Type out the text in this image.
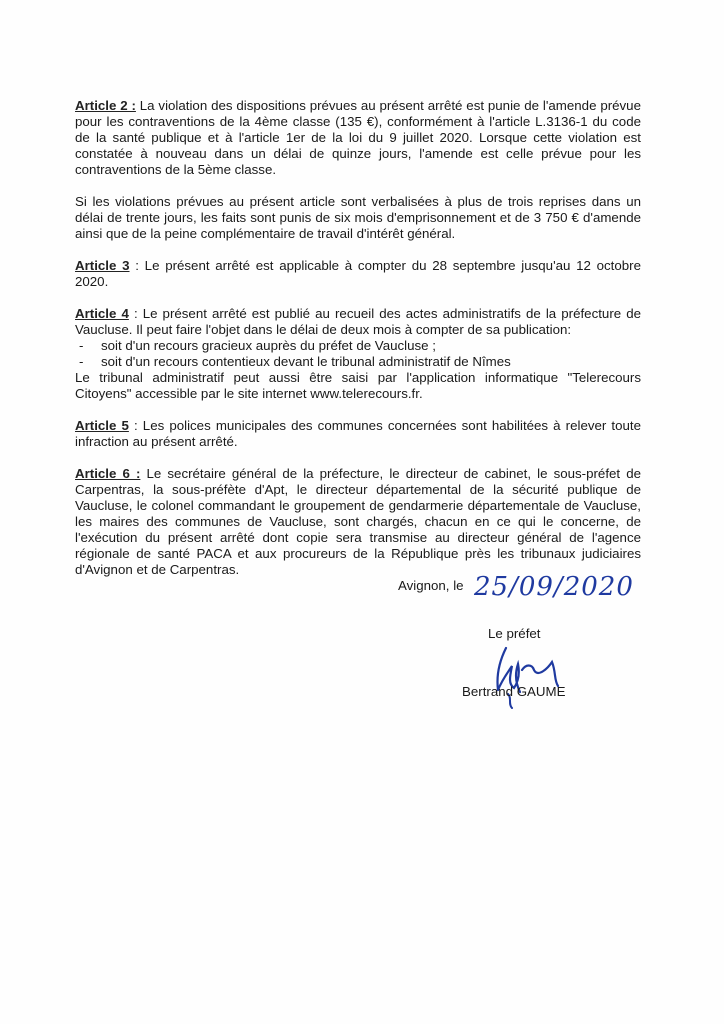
Article 2 : La violation des dispositions prévues au présent arrêté est punie de l'amende prévue pour les contraventions de la 4ème classe (135 €), conformément à l'article L.3136-1 du code de la santé publique et à l'article 1er de la loi du 9 juillet 2020. Lorsque cette violation est constatée à nouveau dans un délai de quinze jours, l'amende est celle prévue pour les contraventions de la 5ème classe.

Si les violations prévues au présent article sont verbalisées à plus de trois reprises dans un délai de trente jours, les faits sont punis de six mois d'emprisonnement et de 3 750 € d'amende ainsi que de la peine complémentaire de travail d'intérêt général.

Article 3 : Le présent arrêté est applicable à compter du 28 septembre jusqu'au 12 octobre 2020.

Article 4 : Le présent arrêté est publié au recueil des actes administratifs de la préfecture de Vaucluse. Il peut faire l'objet dans le délai de deux mois à compter de sa publication:
- soit d'un recours gracieux auprès du préfet de Vaucluse ;
- soit d'un recours contentieux devant le tribunal administratif de Nîmes
Le tribunal administratif peut aussi être saisi par l'application informatique "Telerecours Citoyens" accessible par le site internet www.telerecours.fr.

Article 5 : Les polices municipales des communes concernées sont habilitées à relever toute infraction au présent arrêté.

Article 6 : Le secrétaire général de la préfecture, le directeur de cabinet, le sous-préfet de Carpentras, la sous-préfète d'Apt, le directeur départemental de la sécurité publique de Vaucluse, le colonel commandant le groupement de gendarmerie départementale de Vaucluse, les maires des communes de Vaucluse, sont chargés, chacun en ce qui le concerne, de l'exécution du présent arrêté dont copie sera transmise au directeur général de l'agence régionale de santé PACA et aux procureurs de la République près les tribunaux judiciaires d'Avignon et de Carpentras.

Avignon, le 25/09/2020
Le préfet
Bertrand GAUME
